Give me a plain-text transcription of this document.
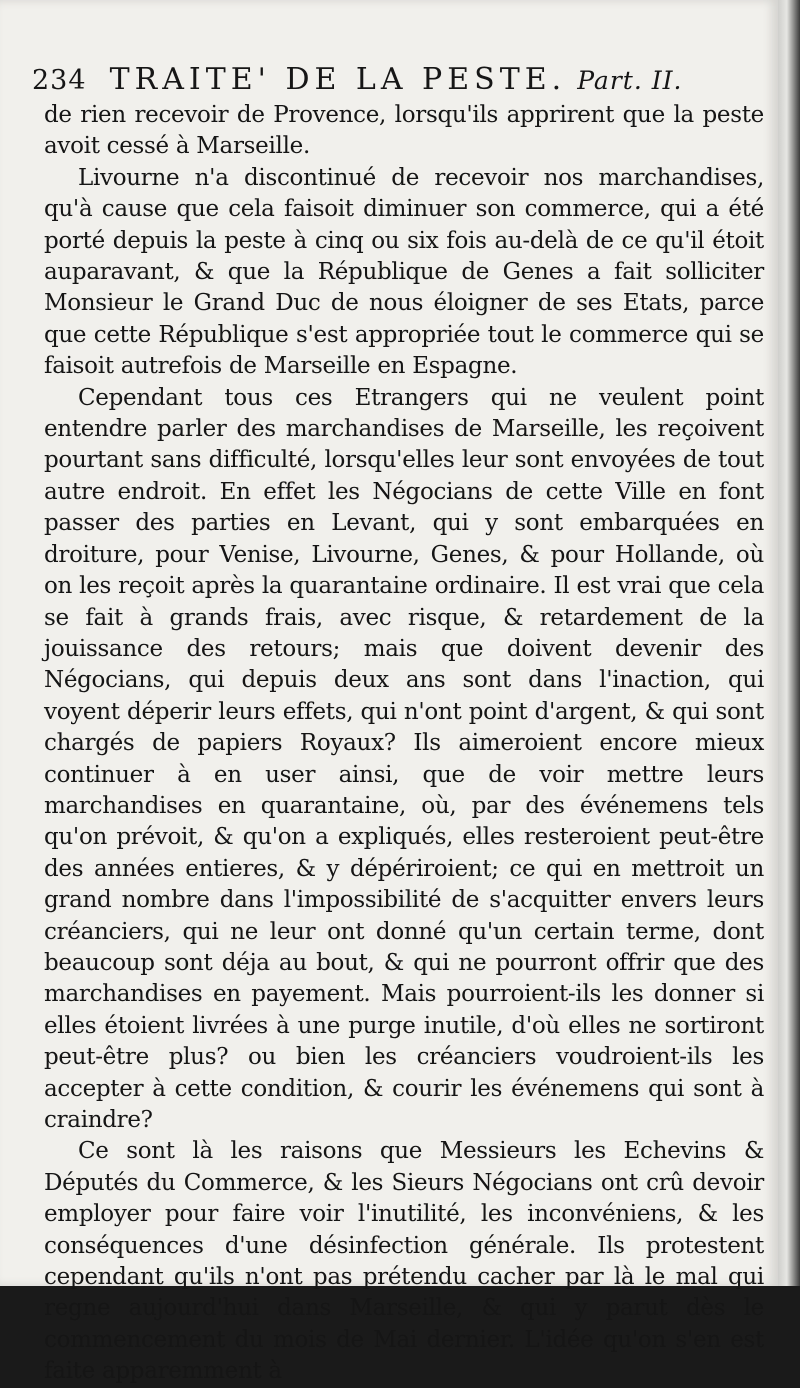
234 TRAITE' DE LA PESTE. Part. II.

de rien recevoir de Provence, lorsqu'ils apprirent que la peste avoit cessé à Marseille.

Livourne n'a discontinué de recevoir nos marchandises, qu'à cause que cela faisoit diminuer son commerce, qui a été porté depuis la peste à cinq ou six fois au-delà de ce qu'il étoit auparavant, & que la République de Genes a fait solliciter Monsieur le Grand Duc de nous éloigner de ses Etats, parce que cette République s'est appropriée tout le commerce qui se faisoit autrefois de Marseille en Espagne.

Cependant tous ces Etrangers qui ne veulent point entendre parler des marchandises de Marseille, les reçoivent pourtant sans difficulté, lorsqu'elles leur sont envoyées de tout autre endroit. En effet les Négocians de cette Ville en font passer des parties en Levant, qui y sont embarquées en droiture, pour Venise, Livourne, Genes, & pour Hollande, où on les reçoit après la quarantaine ordinaire. Il est vrai que cela se fait à grands frais, avec risque, & retardement de la jouissance des retours; mais que doivent devenir des Négocians, qui depuis deux ans sont dans l'inaction, qui voyent déperir leurs effets, qui n'ont point d'argent, & qui sont chargés de papiers Royaux? Ils aimeroient encore mieux continuer à en user ainsi, que de voir mettre leurs marchandises en quarantaine, où, par des événemens tels qu'on prévoit, & qu'on a expliqués, elles resteroient peut-être des années entieres, & y dépériroient; ce qui en mettroit un grand nombre dans l'impossibilité de s'acquitter envers leurs créanciers, qui ne leur ont donné qu'un certain terme, dont beaucoup sont déja au bout, & qui ne pourront offrir que des marchandises en payement. Mais pourroient-ils les donner si elles étoient livrées à une purge inutile, d'où elles ne sortiront peut-être plus? ou bien les créanciers voudroient-ils les accepter à cette condition, & courir les événemens qui sont à craindre?

Ce sont là les raisons que Messieurs les Echevins & Députés du Commerce, & les Sieurs Négocians ont crû devoir employer pour faire voir l'inutilité, les inconvéniens, & les conséquences d'une désinfection générale. Ils protestent cependant qu'ils n'ont pas prétendu cacher par là le mal qui regne aujourd'hui dans Marseille, & qui y parut dès le commencement du mois de Mai dernier. L'idée qu'on s'en est faite apparemment à
